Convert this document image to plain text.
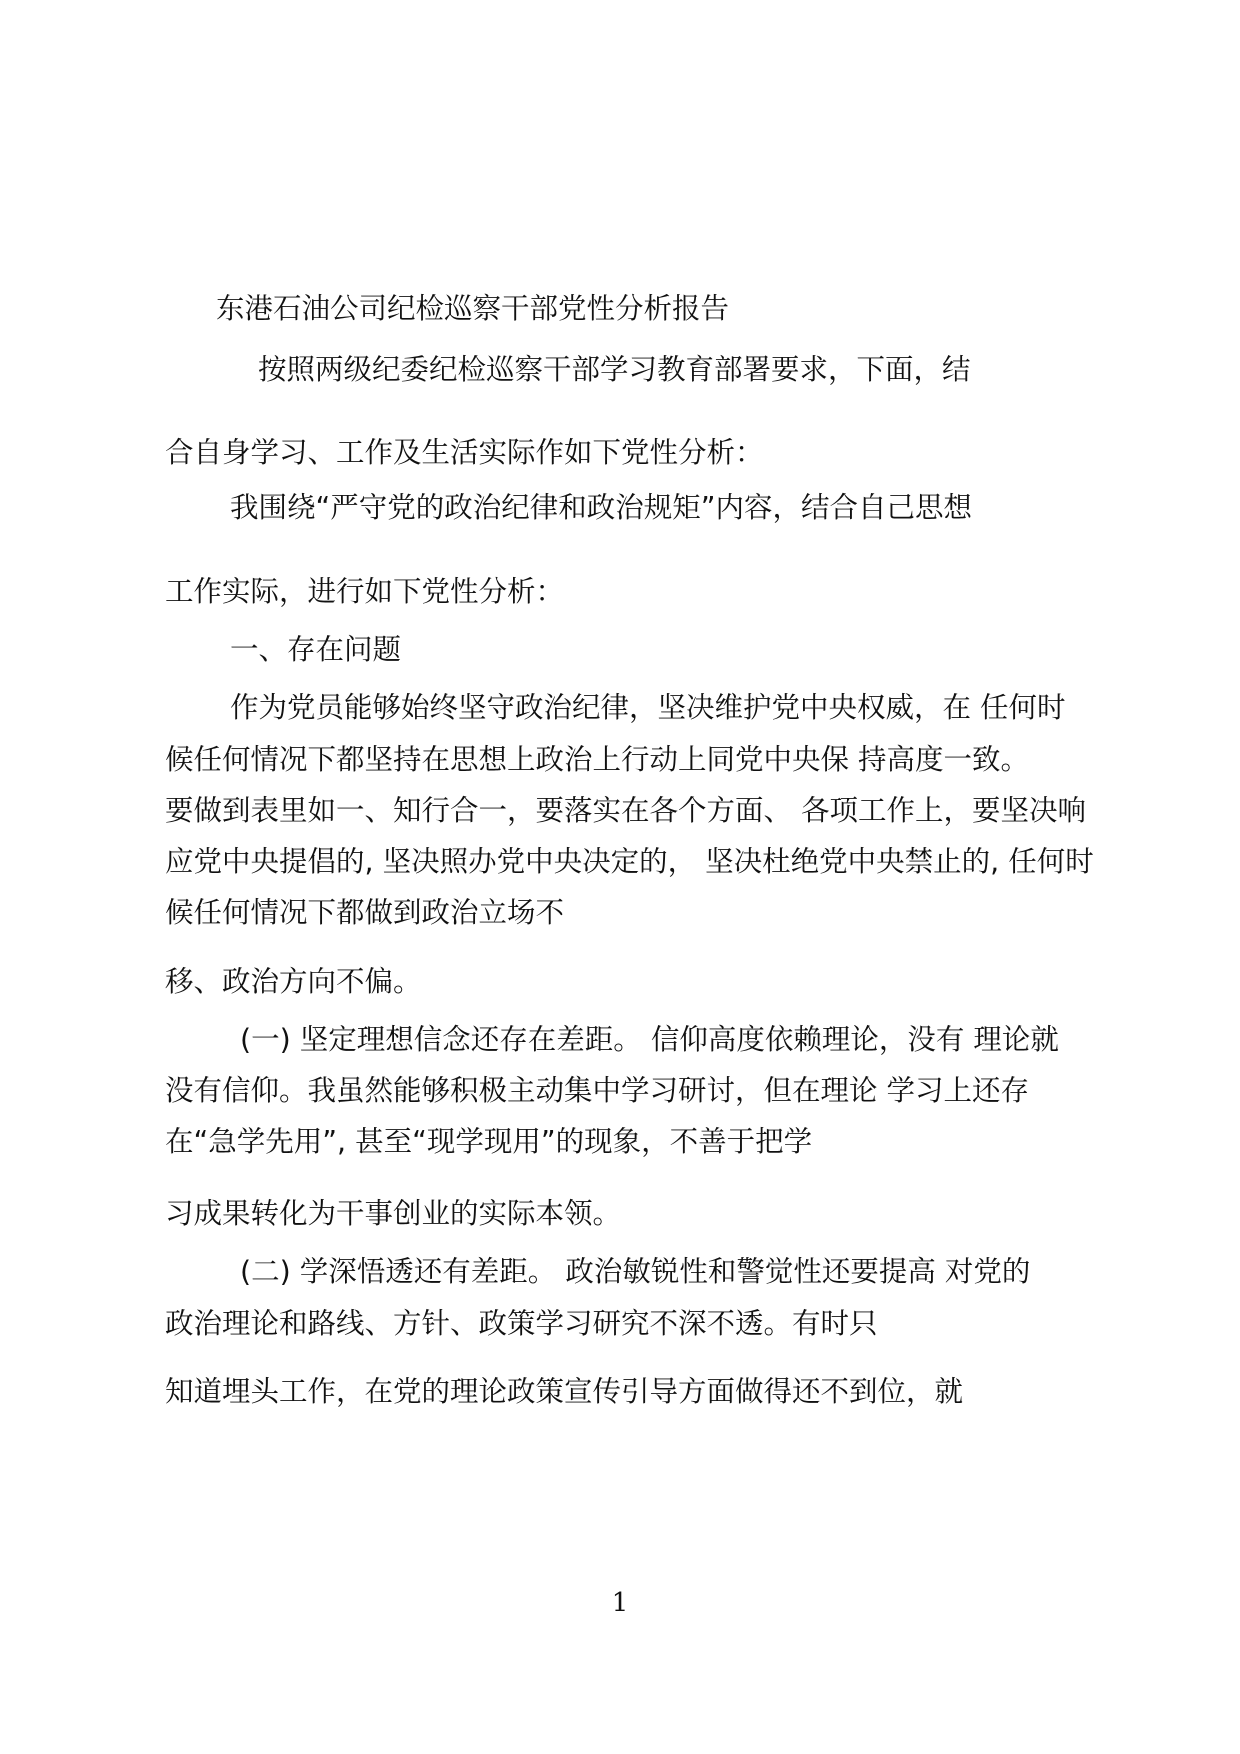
东港石油公司纪检巡察干部党性分析报告
按照两级纪委纪检巡察干部学习教育部署要求，下面，结
合自身学习、工作及生活实际作如下党性分析：
我围绕“严守党的政治纪律和政治规矩”内容，结合自己思想
工作实际，进行如下党性分析：
一、存在问题
作为党员能够始终坚守政治纪律，坚决维护党中央权威，在 任何时
候任何情况下都坚持在思想上政治上行动上同党中央保 持高度一致。
要做到表里如一、知行合一，要落实在各个方面、 各项工作上，要坚决响
应党中央提倡的, 坚决照办党中央决定的， 坚决杜绝党中央禁止的, 任何时
候任何情况下都做到政治立场不
移、政治方向不偏。
(一) 坚定理想信念还存在差距。 信仰高度依赖理论，没有 理论就
没有信仰。我虽然能够积极主动集中学习研讨，但在理论 学习上还存
在“急学先用”, 甚至“现学现用”的现象，不善于把学
习成果转化为干事创业的实际本领。
(二) 学深悟透还有差距。 政治敏锐性和警觉性还要提高 对党的
政治理论和路线、方针、政策学习研究不深不透。有时只
知道埋头工作，在党的理论政策宣传引导方面做得还不到位，就
1
